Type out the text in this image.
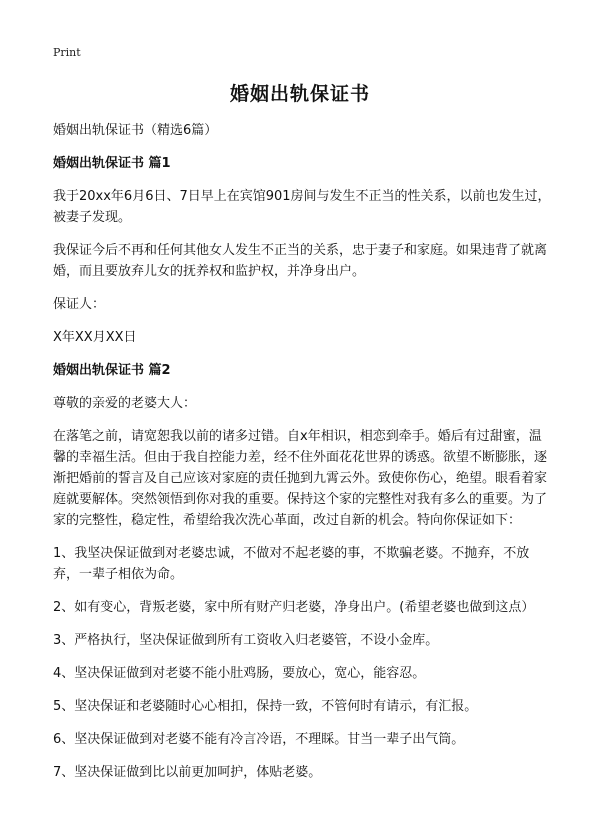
Print
婚姻出轨保证书

婚姻出轨保证书（精选6篇）

婚姻出轨保证书 篇1

我于20xx年6月6日、7日早上在宾馆901房间与发生不正当的性关系，以前也发生过，被妻子发现。

我保证今后不再和任何其他女人发生不正当的关系，忠于妻子和家庭。如果违背了就离婚，而且要放弃儿女的抚养权和监护权，并净身出户。

保证人：

X年XX月XX日

婚姻出轨保证书 篇2

尊敬的亲爱的老婆大人：

在落笔之前，请宽恕我以前的诸多过错。自x年相识，相恋到牵手。婚后有过甜蜜，温馨的幸福生活。但由于我自控能力差，经不住外面花花世界的诱惑。欲望不断膨胀，逐渐把婚前的誓言及自己应该对家庭的责任抛到九霄云外。致使你伤心，绝望。眼看着家庭就要解体。突然领悟到你对我的重要。保持这个家的完整性对我有多么的重要。为了家的完整性，稳定性，希望给我次洗心革面，改过自新的机会。特向你保证如下：

1、我坚决保证做到对老婆忠诚，不做对不起老婆的事，不欺骗老婆。不抛弃，不放弃，一辈子相依为命。

2、如有变心，背叛老婆，家中所有财产归老婆，净身出户。(希望老婆也做到这点）

3、严格执行，坚决保证做到所有工资收入归老婆管，不设小金库。

4、坚决保证做到对老婆不能小肚鸡肠，要放心，宽心，能容忍。

5、坚决保证和老婆随时心心相扣，保持一致，不管何时有请示，有汇报。

6、坚决保证做到对老婆不能有冷言冷语，不理睬。甘当一辈子出气筒。

7、坚决保证做到比以前更加呵护，体贴老婆。
